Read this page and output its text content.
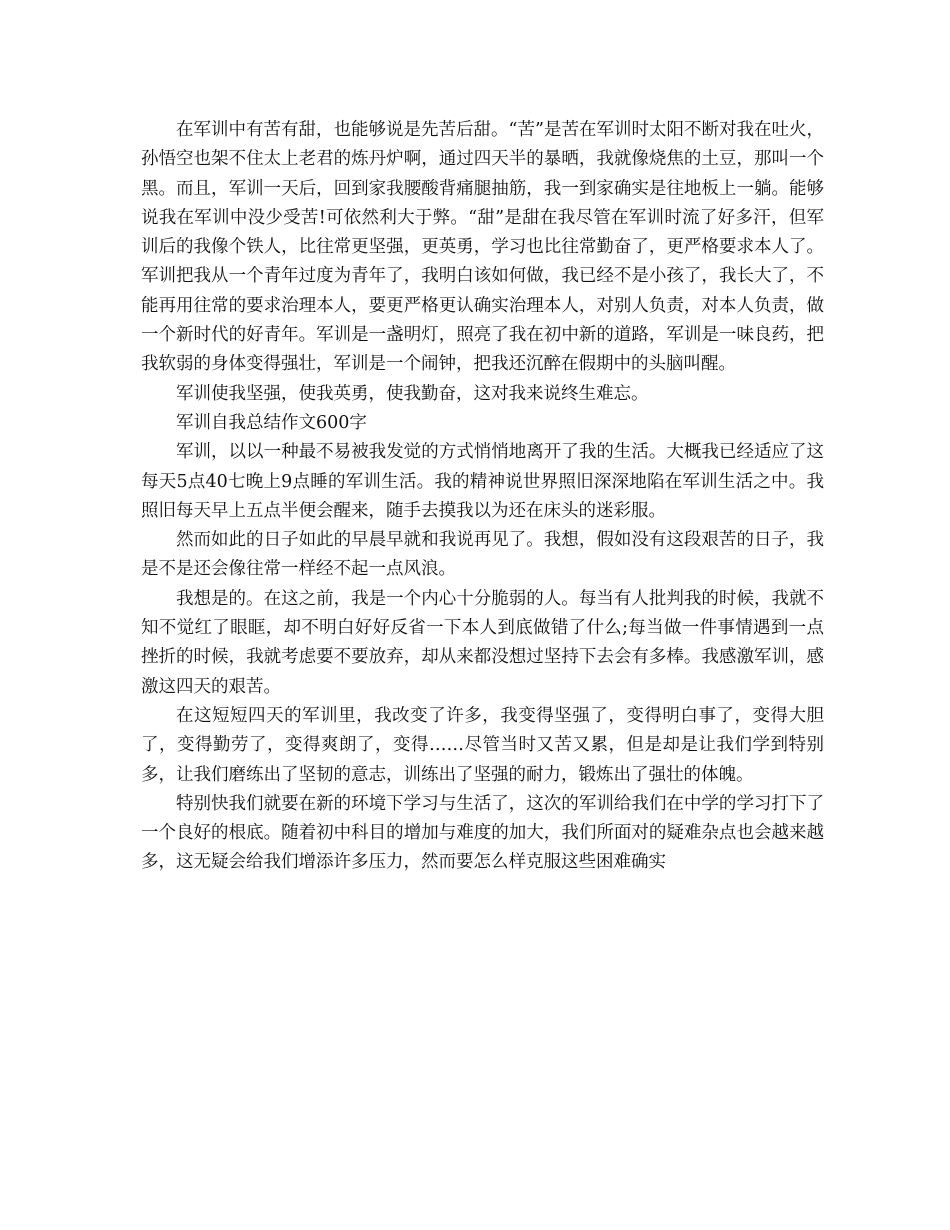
在军训中有苦有甜，也能够说是先苦后甜。“苦”是苦在军训时太阳不断对我在吐火，孙悟空也架不住太上老君的炼丹炉啊，通过四天半的暴晒，我就像烧焦的土豆，那叫一个黑。而且，军训一天后，回到家我腰酸背痛腿抽筋，我一到家确实是往地板上一躺。能够说我在军训中没少受苦!可依然利大于弊。“甜”是甜在我尽管在军训时流了好多汗，但军训后的我像个铁人，比往常更坚强，更英勇，学习也比往常勤奋了，更严格要求本人了。军训把我从一个青年过度为青年了，我明白该如何做，我已经不是小孩了，我长大了，不能再用往常的要求治理本人，要更严格更认确实治理本人，对别人负责，对本人负责，做一个新时代的好青年。军训是一盏明灯，照亮了我在初中新的道路，军训是一味良药，把我软弱的身体变得强壮，军训是一个闹钟，把我还沉醉在假期中的头脑叫醒。

军训使我坚强，使我英勇，使我勤奋，这对我来说终生难忘。

军训自我总结作文600字

军训，以以一种最不易被我发觉的方式悄悄地离开了我的生活。大概我已经适应了这每天5点40七晚上9点睡的军训生活。我的精神说世界照旧深深地陷在军训生活之中。我照旧每天早上五点半便会醒来，随手去摸我以为还在床头的迷彩服。

然而如此的日子如此的早晨早就和我说再见了。我想，假如没有这段艰苦的日子，我是不是还会像往常一样经不起一点风浪。

我想是的。在这之前，我是一个内心十分脆弱的人。每当有人批判我的时候，我就不知不觉红了眼眶，却不明白好好反省一下本人到底做错了什么;每当做一件事情遇到一点挫折的时候，我就考虑要不要放弃，却从来都没想过坚持下去会有多棒。我感激军训，感激这四天的艰苦。

在这短短四天的军训里，我改变了许多，我变得坚强了，变得明白事了，变得大胆了，变得勤劳了，变得爽朗了，变得……尽管当时又苦又累，但是却是让我们学到特别多，让我们磨练出了坚韧的意志，训练出了坚强的耐力，锻炼出了强壮的体魄。

特别快我们就要在新的环境下学习与生活了，这次的军训给我们在中学的学习打下了一个良好的根底。随着初中科目的增加与难度的加大，我们所面对的疑难杂点也会越来越多，这无疑会给我们增添许多压力，然而要怎么样克服这些困难确实
